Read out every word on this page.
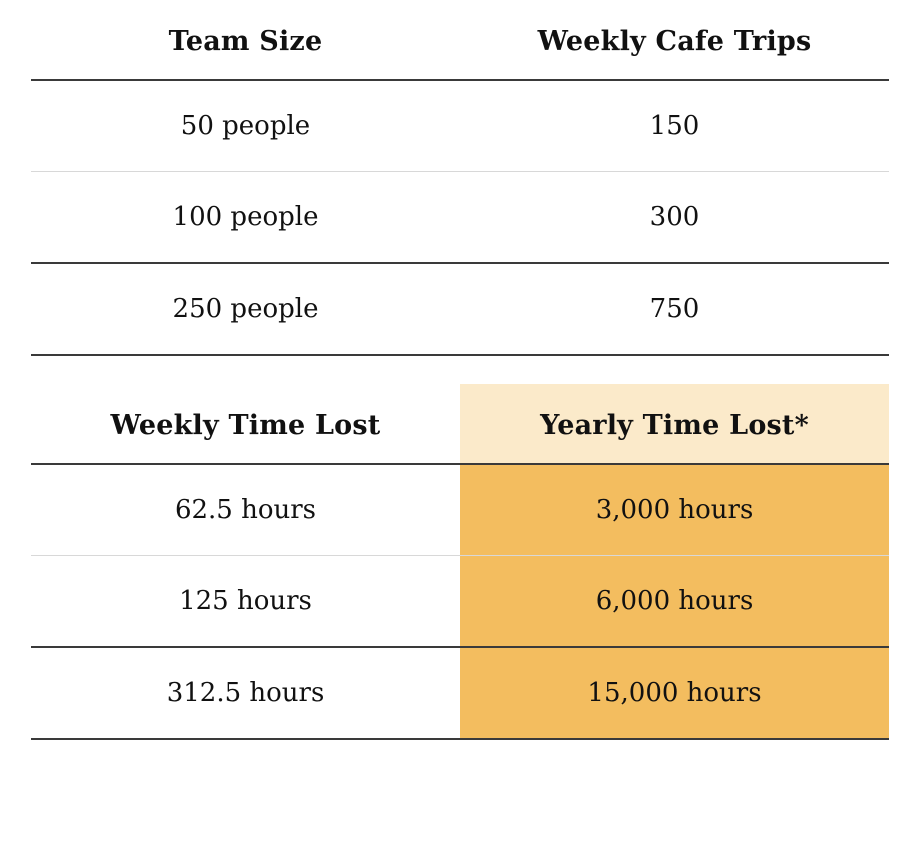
Team Size	Weekly Cafe Trips
50 people	150
100 people	300
250 people	750
Weekly Time Lost	Yearly Time Lost*
62.5 hours	3,000 hours
125 hours	6,000 hours
312.5 hours	15,000 hours
